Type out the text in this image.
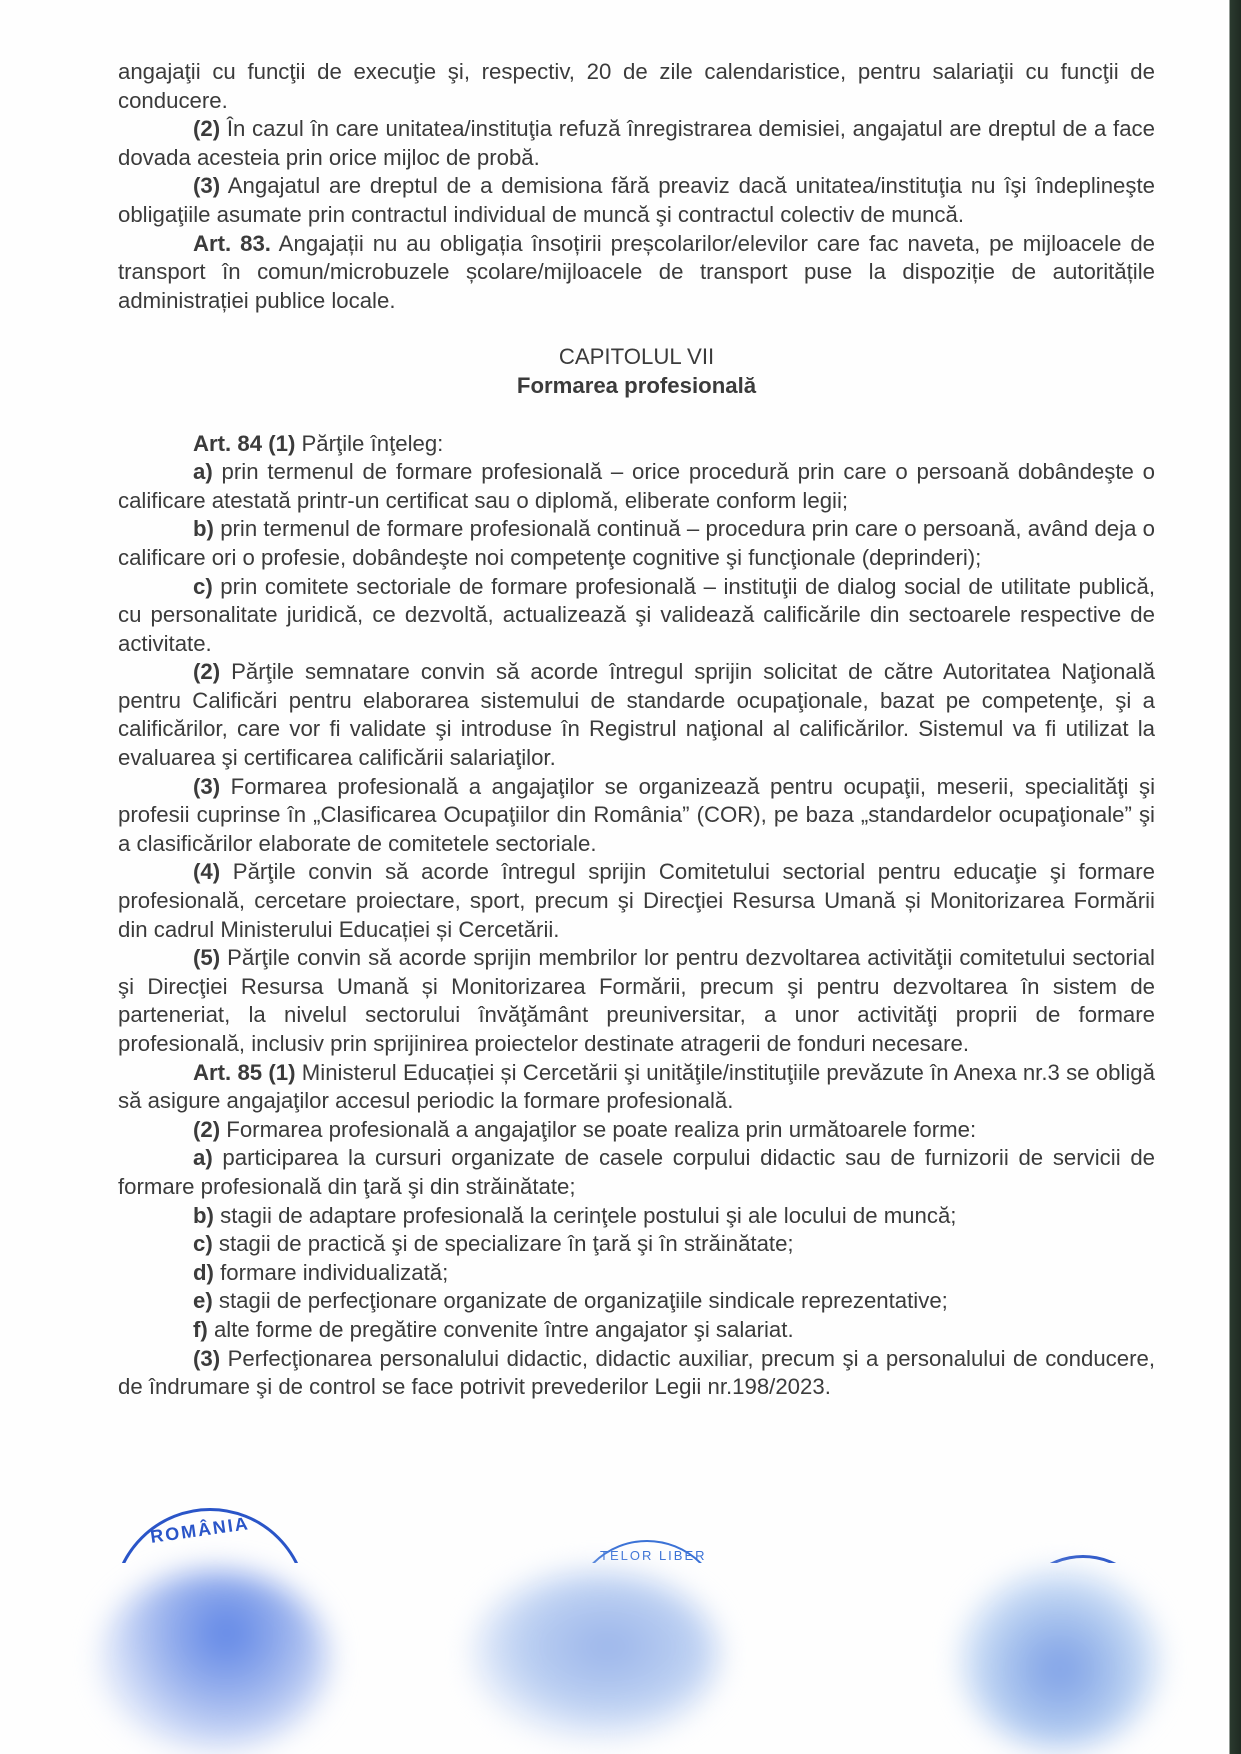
angajaţii cu funcţii de execuţie şi, respectiv, 20 de zile calendaristice, pentru salariaţii cu funcţii de conducere.

(2) În cazul în care unitatea/instituţia refuză înregistrarea demisiei, angajatul are dreptul de a face dovada acesteia prin orice mijloc de probă.

(3) Angajatul are dreptul de a demisiona fără preaviz dacă unitatea/instituţia nu îşi îndeplineşte obligaţiile asumate prin contractul individual de muncă şi contractul colectiv de muncă.

Art. 83. Angajații nu au obligația însoțirii preșcolarilor/elevilor care fac naveta, pe mijloacele de transport în comun/microbuzele școlare/mijloacele de transport puse la dispoziție de autoritățile administrației publice locale.

CAPITOLUL VII
Formarea profesională

Art. 84 (1) Părţile înţeleg:

a) prin termenul de formare profesională – orice procedură prin care o persoană dobândeşte o calificare atestată printr-un certificat sau o diplomă, eliberate conform legii;

b) prin termenul de formare profesională continuă – procedura prin care o persoană, având deja o calificare ori o profesie, dobândeşte noi competenţe cognitive şi funcţionale (deprinderi);

c) prin comitete sectoriale de formare profesională – instituţii de dialog social de utilitate publică, cu personalitate juridică, ce dezvoltă, actualizează şi validează calificările din sectoarele respective de activitate.

(2) Părţile semnatare convin să acorde întregul sprijin solicitat de către Autoritatea Naţională pentru Calificări pentru elaborarea sistemului de standarde ocupaţionale, bazat pe competenţe, şi a calificărilor, care vor fi validate şi introduse în Registrul naţional al calificărilor. Sistemul va fi utilizat la evaluarea şi certificarea calificării salariaţilor.

(3) Formarea profesională a angajaţilor se organizează pentru ocupaţii, meserii, specialităţi şi profesii cuprinse în „Clasificarea Ocupaţiilor din România” (COR), pe baza „standardelor ocupaţionale” şi a clasificărilor elaborate de comitetele sectoriale.

(4) Părţile convin să acorde întregul sprijin Comitetului sectorial pentru educaţie şi formare profesională, cercetare proiectare, sport, precum şi Direcţiei Resursa Umană și Monitorizarea Formării din cadrul Ministerului Educației și Cercetării.

(5) Părţile convin să acorde sprijin membrilor lor pentru dezvoltarea activităţii comitetului sectorial şi Direcţiei Resursa Umană și Monitorizarea Formării, precum şi pentru dezvoltarea în sistem de parteneriat, la nivelul sectorului învăţământ preuniversitar, a unor activităţi proprii de formare profesională, inclusiv prin sprijinirea proiectelor destinate atragerii de fonduri necesare.

Art. 85 (1) Ministerul Educației și Cercetării şi unităţile/instituţiile prevăzute în Anexa nr.3 se obligă să asigure angajaţilor accesul periodic la formare profesională.

(2) Formarea profesională a angajaţilor se poate realiza prin următoarele forme:

a) participarea la cursuri organizate de casele corpului didactic sau de furnizorii de servicii de formare profesională din ţară şi din străinătate;

b) stagii de adaptare profesională la cerinţele postului şi ale locului de muncă;

c) stagii de practică şi de specializare în ţară şi în străinătate;

d) formare individualizată;

e) stagii de perfecţionare organizate de organizaţiile sindicale reprezentative;

f) alte forme de pregătire convenite între angajator şi salariat.

(3) Perfecţionarea personalului didactic, didactic auxiliar, precum şi a personalului de conducere, de îndrumare şi de control se face potrivit prevederilor Legii nr.198/2023.

ROMÂNIA
TELOR LIBER
